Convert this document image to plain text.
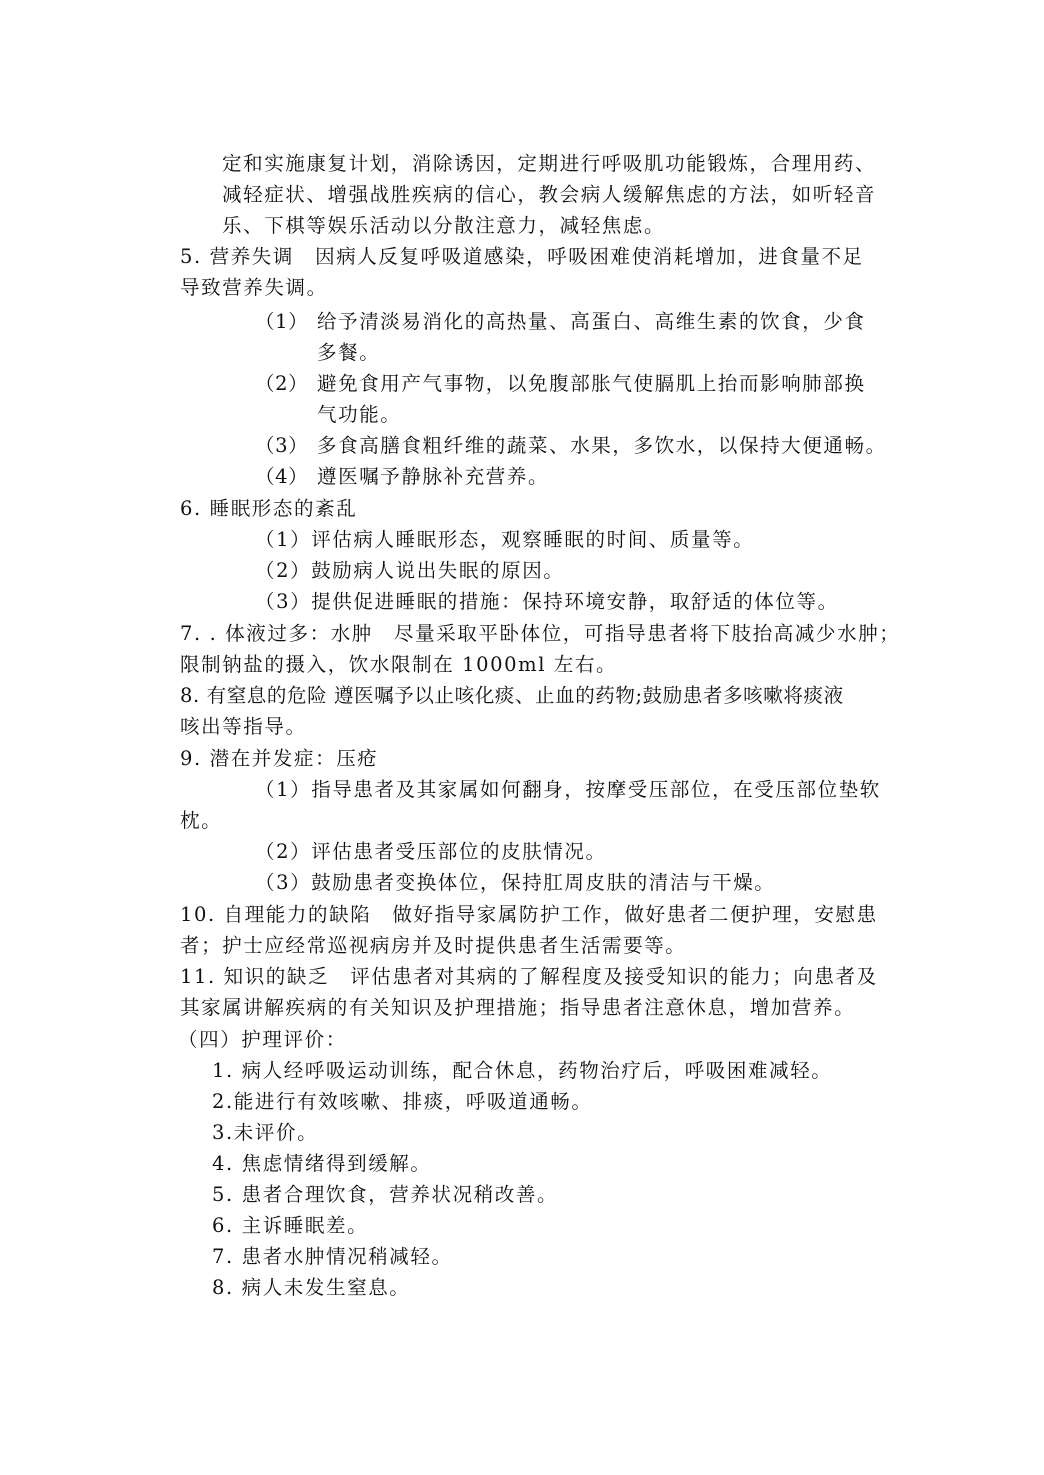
定和实施康复计划，消除诱因，定期进行呼吸肌功能锻炼，合理用药、
减轻症状、增强战胜疾病的信心，教会病人缓解焦虑的方法，如听轻音
乐、下棋等娱乐活动以分散注意力，减轻焦虑。
5. 营养失调　因病人反复呼吸道感染，呼吸困难使消耗增加，进食量不足
导致营养失调。
（1） 给予清淡易消化的高热量、高蛋白、高维生素的饮食，少食
多餐。
（2） 避免食用产气事物，以免腹部胀气使膈肌上抬而影响肺部换
气功能。
（3） 多食高膳食粗纤维的蔬菜、水果，多饮水，以保持大便通畅。
（4） 遵医嘱予静脉补充营养。
6. 睡眠形态的紊乱
（1）评估病人睡眠形态，观察睡眠的时间、质量等。
（2）鼓励病人说出失眠的原因。
（3）提供促进睡眠的措施：保持环境安静，取舒适的体位等。
7. . 体液过多：水肿　尽量采取平卧体位，可指导患者将下肢抬高减少水肿；
限制钠盐的摄入，饮水限制在 1000ml 左右。
8. 有窒息的危险 遵医嘱予以止咳化痰、止血的药物;鼓励患者多咳嗽将痰液
咳出等指导。
9. 潜在并发症：压疮
（1）指导患者及其家属如何翻身，按摩受压部位，在受压部位垫软
枕。
（2）评估患者受压部位的皮肤情况。
（3）鼓励患者变换体位，保持肛周皮肤的清洁与干燥。
10. 自理能力的缺陷　做好指导家属防护工作，做好患者二便护理，安慰患
者；护士应经常巡视病房并及时提供患者生活需要等。
11. 知识的缺乏　评估患者对其病的了解程度及接受知识的能力；向患者及
其家属讲解疾病的有关知识及护理措施；指导患者注意休息，增加营养。
（四）护理评价：
1. 病人经呼吸运动训练，配合休息，药物治疗后，呼吸困难减轻。
2.能进行有效咳嗽、排痰，呼吸道通畅。
3.未评价。
4. 焦虑情绪得到缓解。
5. 患者合理饮食，营养状况稍改善。
6. 主诉睡眠差。
7. 患者水肿情况稍减轻。
8. 病人未发生窒息。
